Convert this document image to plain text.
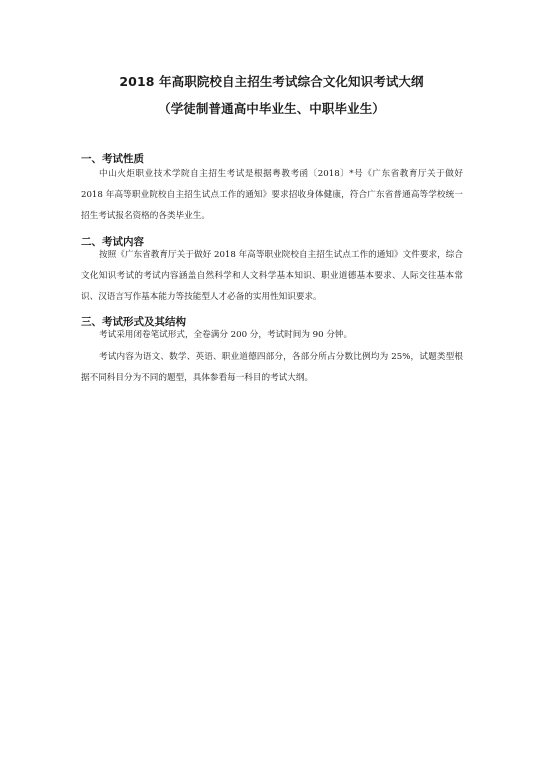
2018 年高职院校自主招生考试综合文化知识考试大纲
（学徒制普通高中毕业生、中职毕业生）
一、考试性质

中山火炬职业技术学院自主招生考试是根据粤教考函〔2018〕*号《广东省教育厅关于做好 2018 年高等职业院校自主招生试点工作的通知》要求招收身体健康，符合广东省普通高等学校统一招生考试报名资格的各类毕业生。

二、考试内容

按照《广东省教育厅关于做好 2018 年高等职业院校自主招生试点工作的通知》文件要求，综合文化知识考试的考试内容涵盖自然科学和人文科学基本知识、职业道德基本要求、人际交往基本常识、汉语言写作基本能力等技能型人才必备的实用性知识要求。

三、考试形式及其结构

考试采用闭卷笔试形式，全卷满分 200 分，考试时间为 90 分钟。

考试内容为语文、数学、英语、职业道德四部分，各部分所占分数比例均为 25%，试题类型根据不同科目分为不同的题型，具体参看每一科目的考试大纲。
